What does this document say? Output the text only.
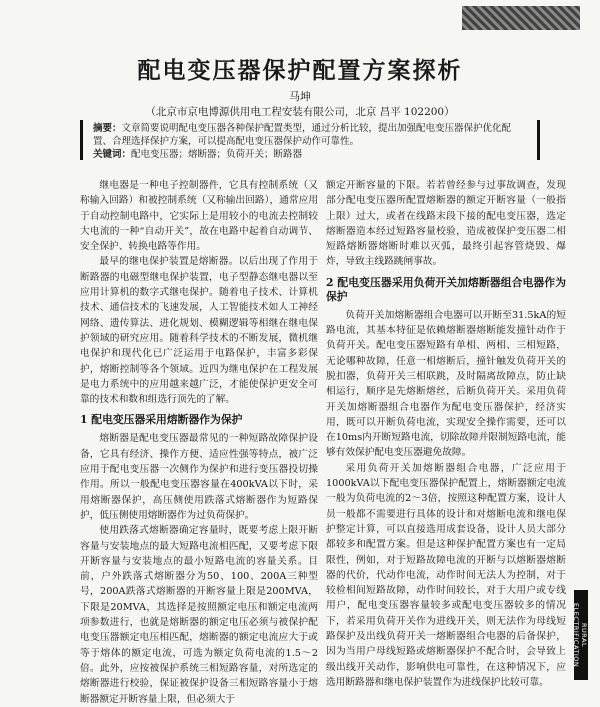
配电变压器保护配置方案探析
马坤
（北京市京电博源供用电工程安装有限公司，北京 昌平 102200）
摘要：文章简要说明配电变压器各种保护配置类型，通过分析比较，提出加强配电变压器保护优化配置、合理选择保护方案，可以提高配电变压器保护动作可靠性。
关键词：配电变压器；熔断器；负荷开关；断路器

继电器是一种电子控制器件，它具有控制系统（又称输入回路）和被控制系统（又称输出回路），通常应用于自动控制电路中，它实际上是用较小的电流去控制较大电流的一种“自动开关”，故在电路中起着自动调节、安全保护、转换电路等作用。

最早的继电保护装置是熔断器。以后出现了作用于断路器的电磁型继电保护装置，电子型静态继电器以至应用计算机的数字式继电保护。随着电子技术、计算机技术、通信技术的飞速发展，人工智能技术如人工神经网络、遗传算法、进化规划、模糊逻辑等相继在继电保护领域的研究应用。随着科学技术的不断发展，微机继电保护和现代化已广泛运用于电路保护，丰富多彩保护，熔断控制等各个领域。近四为继电保护在工程发展是电力系统中的应用越来越广泛，才能使保护更安全可靠的技术和数和组选行顶先的了解。

1 配电变压器采用熔断器作为保护

熔断器是配电变压器最常见的一种短路故障保护设备，它具有经济、操作方便、适应性强等特点，被广泛应用于配电变压器一次侧作为保护和进行变压器投切操作用。所以一般配电变压器容量在400kVA以下时，采用熔断器保护，高压侧使用跌落式熔断器作为短路保护，低压侧使用熔断器作为过负荷保护。

使用跌落式熔断器确定容量时，既要考虑上限开断容量与安装地点的最大短路电流相匹配，又要考虑下限开断容量与安装地点的最小短路电流的容量关系。目前，户外跌落式熔断器分为50、100、200A三种型号，200A跌落式熔断器的开断容量上限是200MVA，下限是20MVA，其选择是按照额定电压和额定电流两项参数进行，也就是熔断器的额定电压必须与被保护配电变压器额定电压相匹配，熔断器的额定电流应大于或等于熔体的额定电流，可选为额定负荷电流的1.5～2倍。此外，应按被保护系统三相短路容量，对所选定的熔断器进行校验，保证被保护设备三相短路容量小于熔断器额定开断容量上限，但必须大于

额定开断容量的下限。若若曾经参与过事故调查，发现部分配电变压器所配置熔断器的额定开断容量（一般指上限）过大，或者在线路末段下接的配电变压器，选定熔断器造本经过短路容量校验，造成被保护变压器二相短路熔断器熔断时难以灭弧，最终引起容管烧毁、爆炸，导致主线路跳闸事故。

2 配电变压器采用负荷开关加熔断器组合电器作为保护

负荷开关加熔断器组合电器可以开断至31.5kA的短路电流，其基本特征是依赖熔断器熔断能发撞针动作于负荷开关。配电变压器短路有单相、两相、三相短路，无论哪种故障，任意一相熔断后，撞针触发负荷开关的脱扣器，负荷开关三相联跳，及时隔离故障点，防止缺相运行，顺序是先熔断熔丝，后断负荷开关。采用负荷开关加熔断器组合电器作为配电变压器保护，经济实用，既可以开断负荷电流，实现安全操作需要，还可以在10ms内开断短路电流，切除故障并限制短路电流，能够有效保护配电变压器避免故障。

采用负荷开关加熔断器组合电器，广泛应用于1000kVA以下配电变压器保护配置上，熔断器额定电流一般为负荷电流的2～3倍，按照这种配置方案，设计人员一般都不需要进行具体的设计和对熔断电流和继电保护整定计算，可以直接选用成套设备，设计人员大部分都较多和配置方案。但是这种保护配置方案也有一定局限性，例如，对于短路故障电流的开断与以熔断器熔断器的代价，代动作电流，动作时间无法人为控制，对于较检相间短路故障，动作时间较长，对于大用户或专线用户，配电变压器容量较多或配电变压器较多的情况下，若采用负荷开关作为进线开关，则无法作为母线短路保护及出线负荷开关一熔断器组合电器的后备保护，因为当用户母线短路或熔断器保护不配合时，会导致上级出线开关动作，影响供电可靠性，在这种情况下，应选用断路器和继电保护装置作为进线保护比较可靠。

RURAL ELECTRIFICATION
